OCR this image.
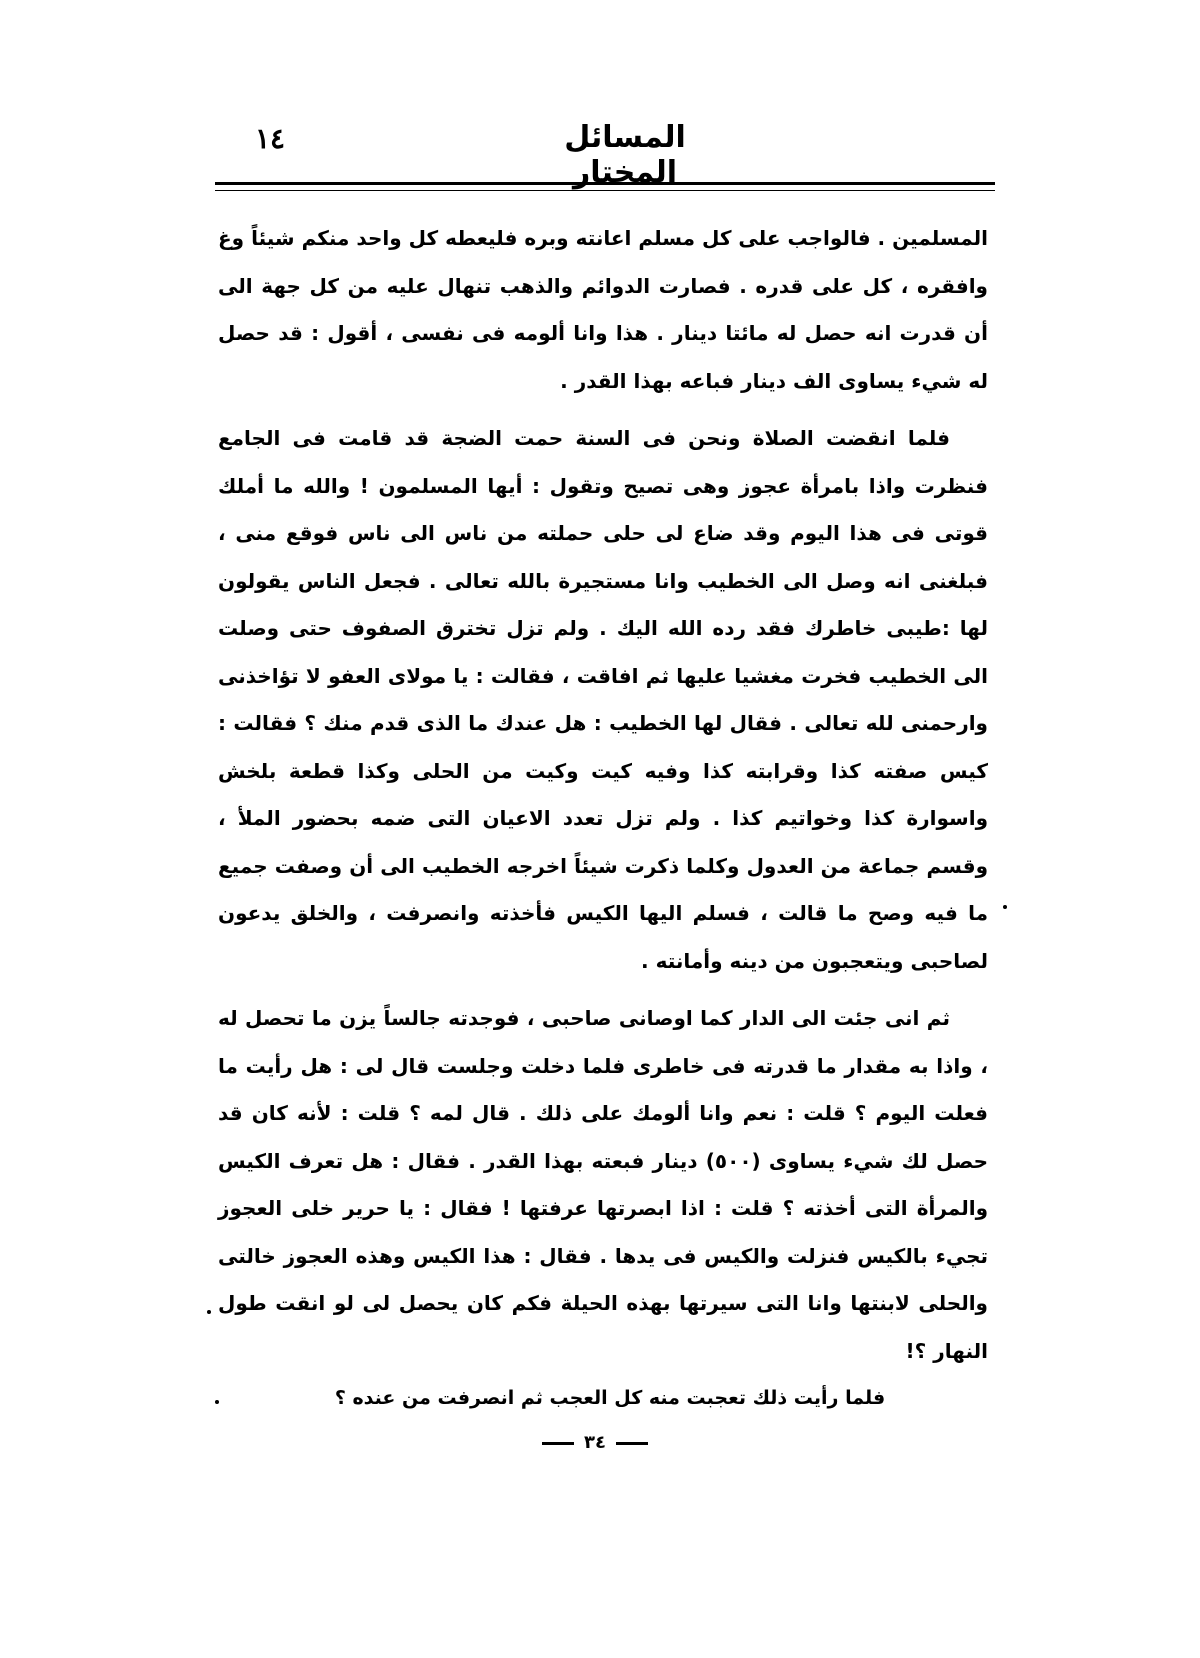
١٤	المسائل المختار

المسلمين . فالواجب على كل مسلم اعانته وبره فليعطه كل واحد منكم شيئاً وغ وافقره ، كل على قدره . فصارت الدوائم والذهب تنهال عليه من كل جهة الى أن قدرت انه حصل له مائتا دينار . هذا وانا ألومه فى نفسى ، أقول : قد حصل له شيء يساوى الف دينار فباعه بهذا القدر .

فلما انقضت الصلاة ونحن فى السنة حمت الضجة قد قامت فى الجامع فنظرت واذا بامرأة عجوز وهى تصيح وتقول : أيها المسلمون ! والله ما أملك قوتى فى هذا اليوم وقد ضاع لى حلى حملته من ناس الى ناس فوقع منى ، فبلغنى انه وصل الى الخطيب وانا مستجيرة بالله تعالى . فجعل الناس يقولون لها :طيبى خاطرك فقد رده الله اليك . ولم تزل تخترق الصفوف حتى وصلت الى الخطيب فخرت مغشيا عليها ثم افاقت ، فقالت : يا مولاى العفو لا تؤاخذنى وارحمنى لله تعالى . فقال لها الخطيب : هل عندك ما الذى قدم منك ؟ فقالت : كيس صفته كذا وقرابته كذا وفيه كيت وكيت من الحلى وكذا قطعة بلخش واسوارة كذا وخواتيم كذا . ولم تزل تعدد الاعيان التى ضمه بحضور الملأ ، وقسم جماعة من العدول وكلما ذكرت شيئاً اخرجه الخطيب الى أن وصفت جميع ما فيه وصح ما قالت ، فسلم اليها الكيس فأخذته وانصرفت ، والخلق يدعون لصاحبى ويتعجبون من دينه وأمانته .

ثم انى جئت الى الدار كما اوصانى صاحبى ، فوجدته جالساً يزن ما تحصل له ، واذا به مقدار ما قدرته فى خاطرى فلما دخلت وجلست قال لى : هل رأيت ما فعلت اليوم ؟ قلت : نعم وانا ألومك على ذلك . قال لمه ؟ قلت : لأنه كان قد حصل لك شيء يساوى (٥٠٠) دينار فبعته بهذا القدر . فقال : هل تعرف الكيس والمرأة التى أخذته ؟ قلت : اذا ابصرتها عرفتها ! فقال : يا حرير خلى العجوز تجيء بالكيس فنزلت والكيس فى يدها . فقال : هذا الكيس وهذه العجوز خالتى والحلى لابنتها وانا التى سيرتها بهذه الحيلة فكم كان يحصل لى لو انقت طول النهار ؟!

فلما رأيت ذلك تعجبت منه كل العجب ثم انصرفت من عنده ؟
٣٤
